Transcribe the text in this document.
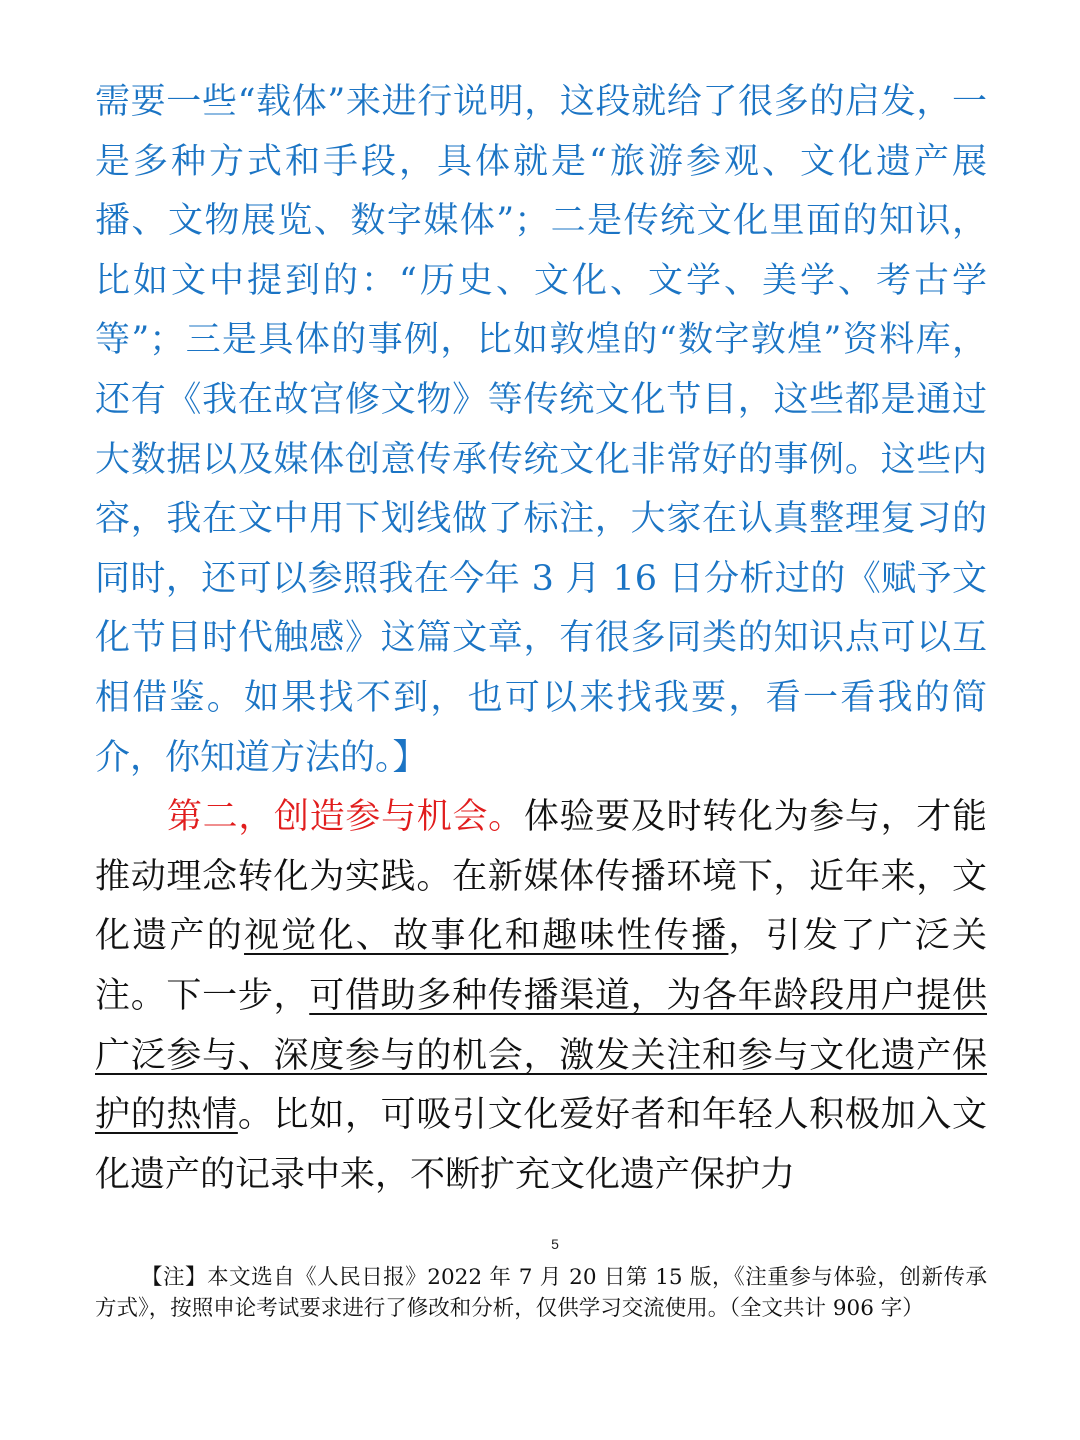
需要一些“载体”来进行说明，这段就给了很多的启发，一是多种方式和手段，具体就是“旅游参观、文化遗产展播、文物展览、数字媒体”；二是传统文化里面的知识，比如文中提到的：“历史、文化、文学、美学、考古学等”；三是具体的事例，比如敦煌的“数字敦煌”资料库，还有《我在故宫修文物》等传统文化节目，这些都是通过大数据以及媒体创意传承传统文化非常好的事例。这些内容，我在文中用下划线做了标注，大家在认真整理复习的同时，还可以参照我在今年 3 月 16 日分析过的《赋予文化节目时代触感》这篇文章，有很多同类的知识点可以互相借鉴。如果找不到，也可以来找我要，看一看我的简介，你知道方法的。】

第二，创造参与机会。体验要及时转化为参与，才能推动理念转化为实践。在新媒体传播环境下，近年来，文化遗产的视觉化、故事化和趣味性传播，引发了广泛关注。下一步，可借助多种传播渠道，为各年龄段用户提供广泛参与、深度参与的机会，激发关注和参与文化遗产保护的热情。比如，可吸引文化爱好者和年轻人积极加入文化遗产的记录中来，不断扩充文化遗产保护力

5

【注】本文选自《人民日报》2022 年 7 月 20 日第 15 版，《注重参与体验，创新传承方式》，按照申论考试要求进行了修改和分析，仅供学习交流使用。（全文共计 906 字）
